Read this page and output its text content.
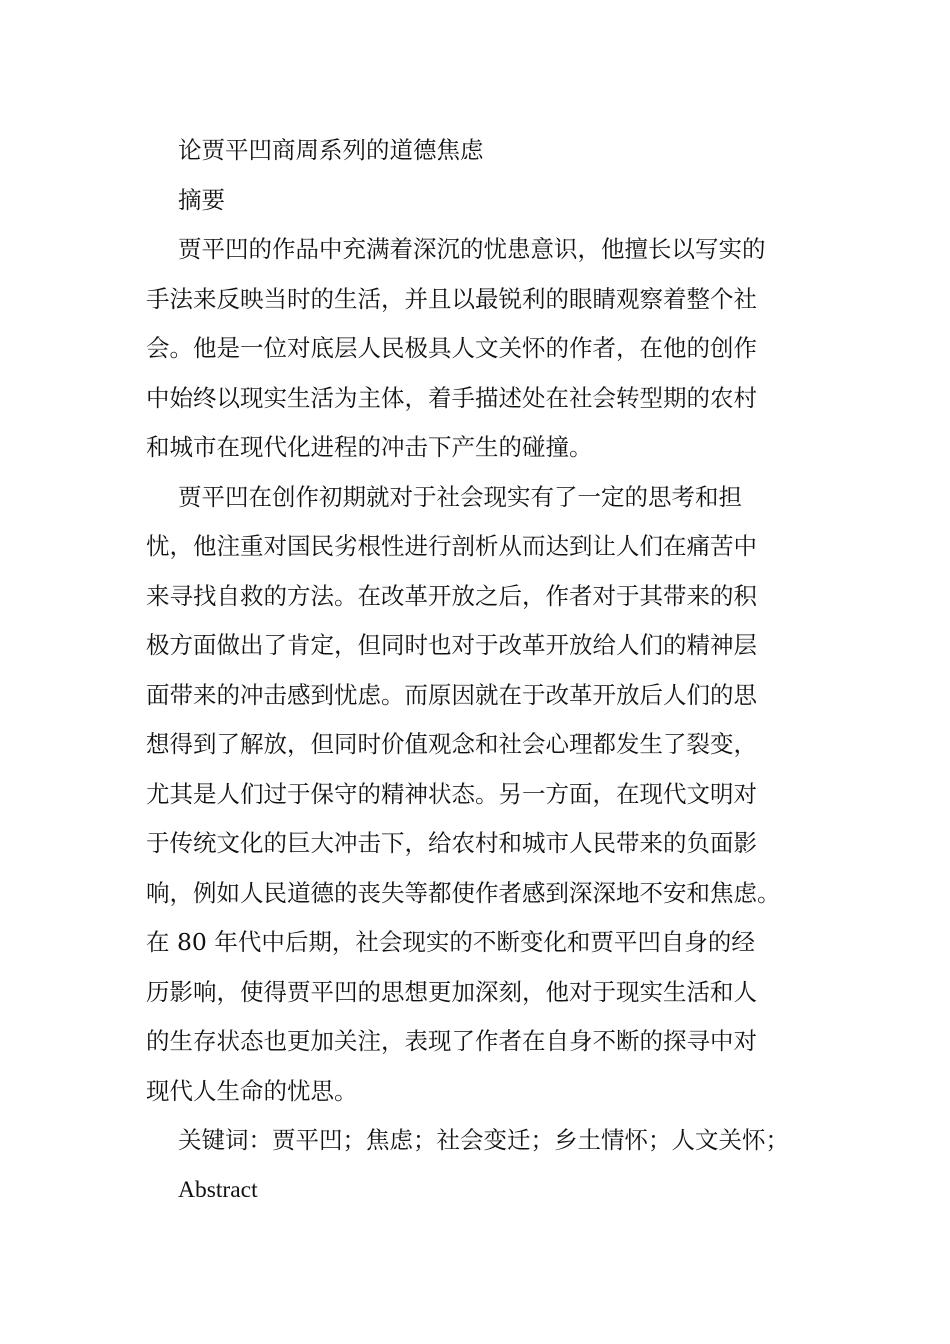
论贾平凹商周系列的道德焦虑

摘要

贾平凹的作品中充满着深沉的忧患意识，他擅长以写实的
手法来反映当时的生活，并且以最锐利的眼睛观察着整个社
会。他是一位对底层人民极具人文关怀的作者，在他的创作
中始终以现实生活为主体，着手描述处在社会转型期的农村
和城市在现代化进程的冲击下产生的碰撞。
贾平凹在创作初期就对于社会现实有了一定的思考和担
忧，他注重对国民劣根性进行剖析从而达到让人们在痛苦中
来寻找自救的方法。在改革开放之后，作者对于其带来的积
极方面做出了肯定，但同时也对于改革开放给人们的精神层
面带来的冲击感到忧虑。而原因就在于改革开放后人们的思
想得到了解放，但同时价值观念和社会心理都发生了裂变，
尤其是人们过于保守的精神状态。另一方面，在现代文明对
于传统文化的巨大冲击下，给农村和城市人民带来的负面影
响，例如人民道德的丧失等都使作者感到深深地不安和焦虑。
在 80 年代中后期，社会现实的不断变化和贾平凹自身的经
历影响，使得贾平凹的思想更加深刻，他对于现实生活和人
的生存状态也更加关注，表现了作者在自身不断的探寻中对
现代人生命的忧思。

关键词：贾平凹；焦虑；社会变迁；乡土情怀；人文关怀；

Abstract
